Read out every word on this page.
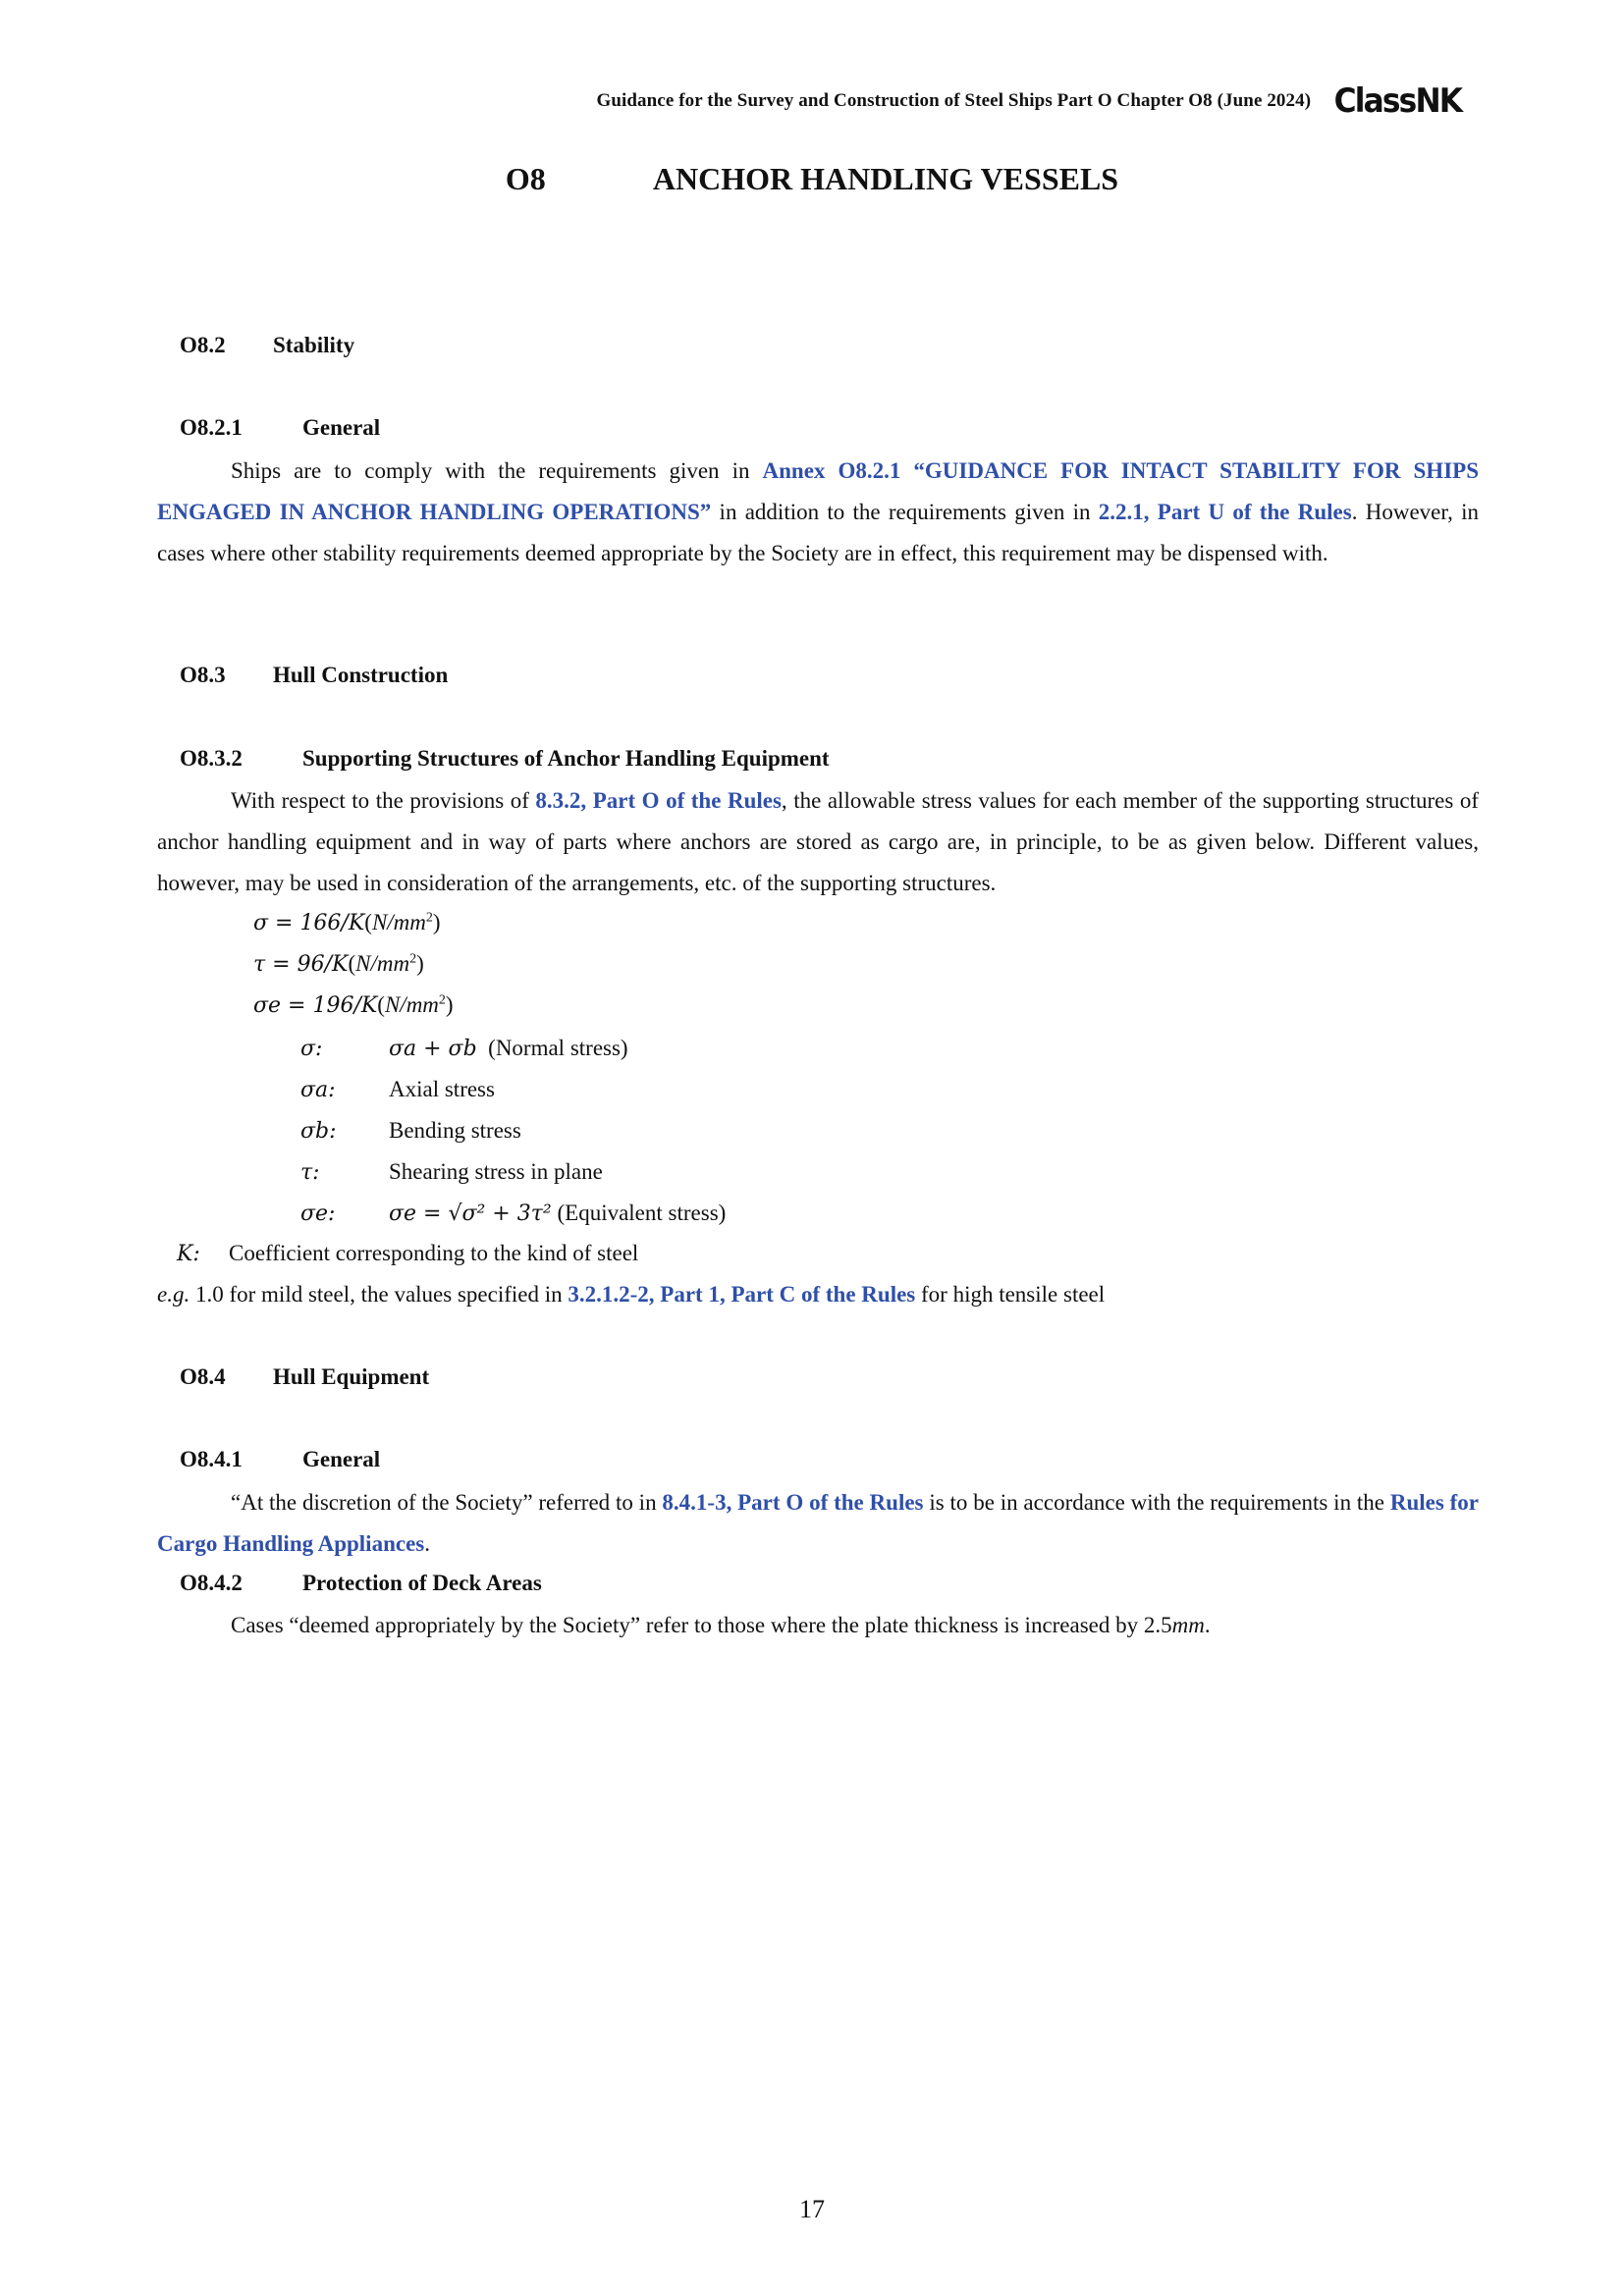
Guidance for the Survey and Construction of Steel Ships Part O Chapter O8 (June 2024) ClassNK
O8	ANCHOR HANDLING VESSELS
O8.2 Stability
O8.2.1	General
Ships are to comply with the requirements given in Annex O8.2.1 “GUIDANCE FOR INTACT STABILITY FOR SHIPS ENGAGED IN ANCHOR HANDLING OPERATIONS” in addition to the requirements given in 2.2.1, Part U of the Rules. However, in cases where other stability requirements deemed appropriate by the Society are in effect, this requirement may be dispensed with.
O8.3 Hull Construction
O8.3.2	Supporting Structures of Anchor Handling Equipment
With respect to the provisions of 8.3.2, Part O of the Rules, the allowable stress values for each member of the supporting structures of anchor handling equipment and in way of parts where anchors are stored as cargo are, in principle, to be as given below. Different values, however, may be used in consideration of the arrangements, etc. of the supporting structures.
$\sigma = 166/K(N/mm^2)$
$\tau = 96/K(N/mm^2)$
$\sigma e = 196/K(N/mm^2)$
σ:	σa + σb
(Normal stress)
σa:	Axial stress
σb:	Bending stress
τ:	Shearing stress in plane
σe:	σe = √σ² + 3τ²
(Equivalent stress)
K: Coefficient corresponding to the kind of steel
e.g. 1.0 for mild steel, the values specified in 3.2.1.2-2, Part 1, Part C of the Rules for high tensile steel
O8.4 Hull Equipment
O8.4.1	General
“At the discretion of the Society” referred to in 8.4.1-3, Part O of the Rules is to be in accordance with the requirements in the Rules for Cargo Handling Appliances.
O8.4.2	Protection of Deck Areas
Cases “deemed appropriately by the Society” refer to those where the plate thickness is increased by 2.5mm.
17
